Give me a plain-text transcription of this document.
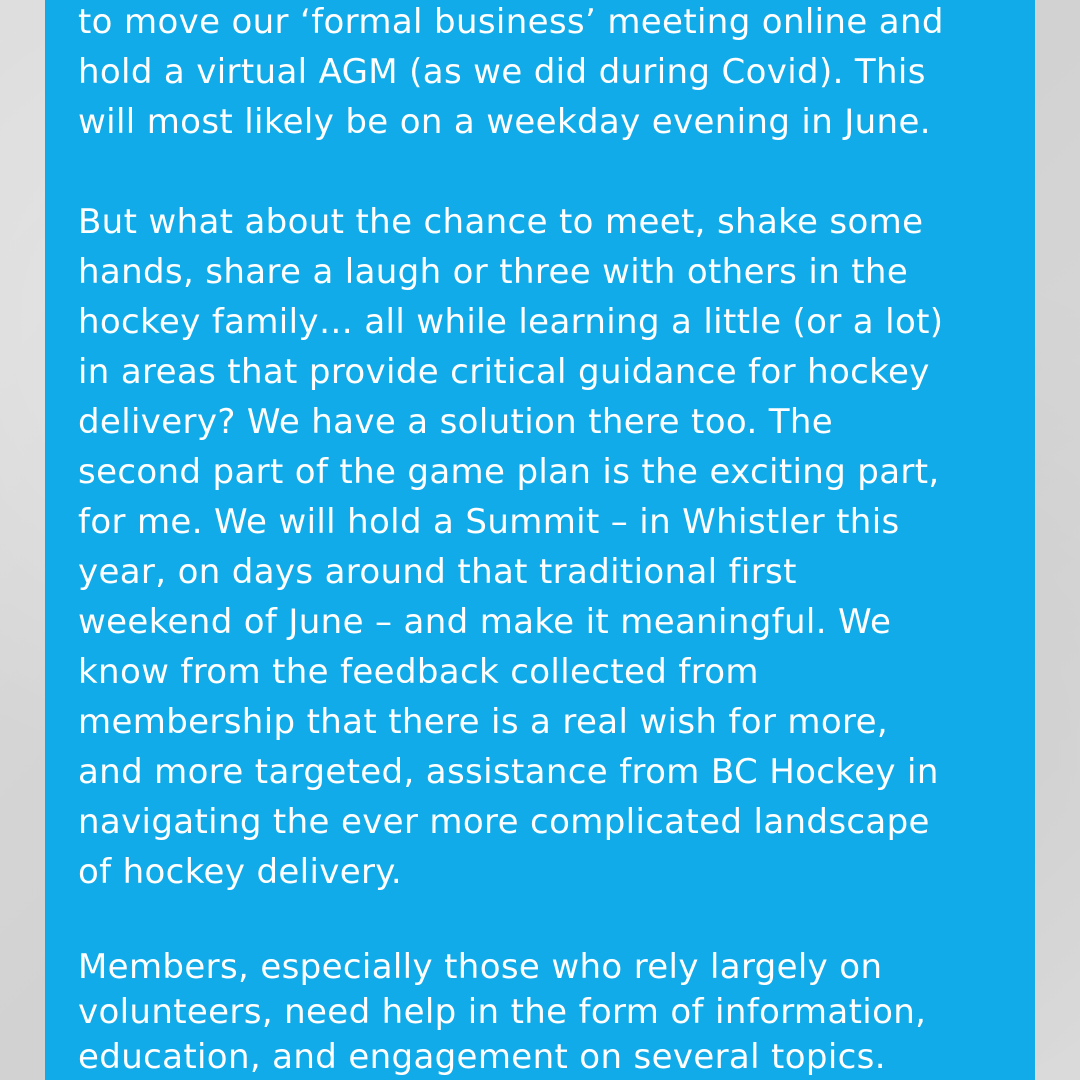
to move our ‘formal business’ meeting online and
hold a virtual AGM (as we did during Covid). This
will most likely be on a weekday evening in June.

But what about the chance to meet, shake some
hands, share a laugh or three with others in the
hockey family… all while learning a little (or a lot)
in areas that provide critical guidance for hockey
delivery? We have a solution there too. The
second part of the game plan is the exciting part,
for me. We will hold a Summit – in Whistler this
year, on days around that traditional first
weekend of June – and make it meaningful. We
know from the feedback collected from
membership that there is a real wish for more,
and more targeted, assistance from BC Hockey in
navigating the ever more complicated landscape
of hockey delivery.

Members, especially those who rely largely on
volunteers, need help in the form of information,
education, and engagement on several topics.
